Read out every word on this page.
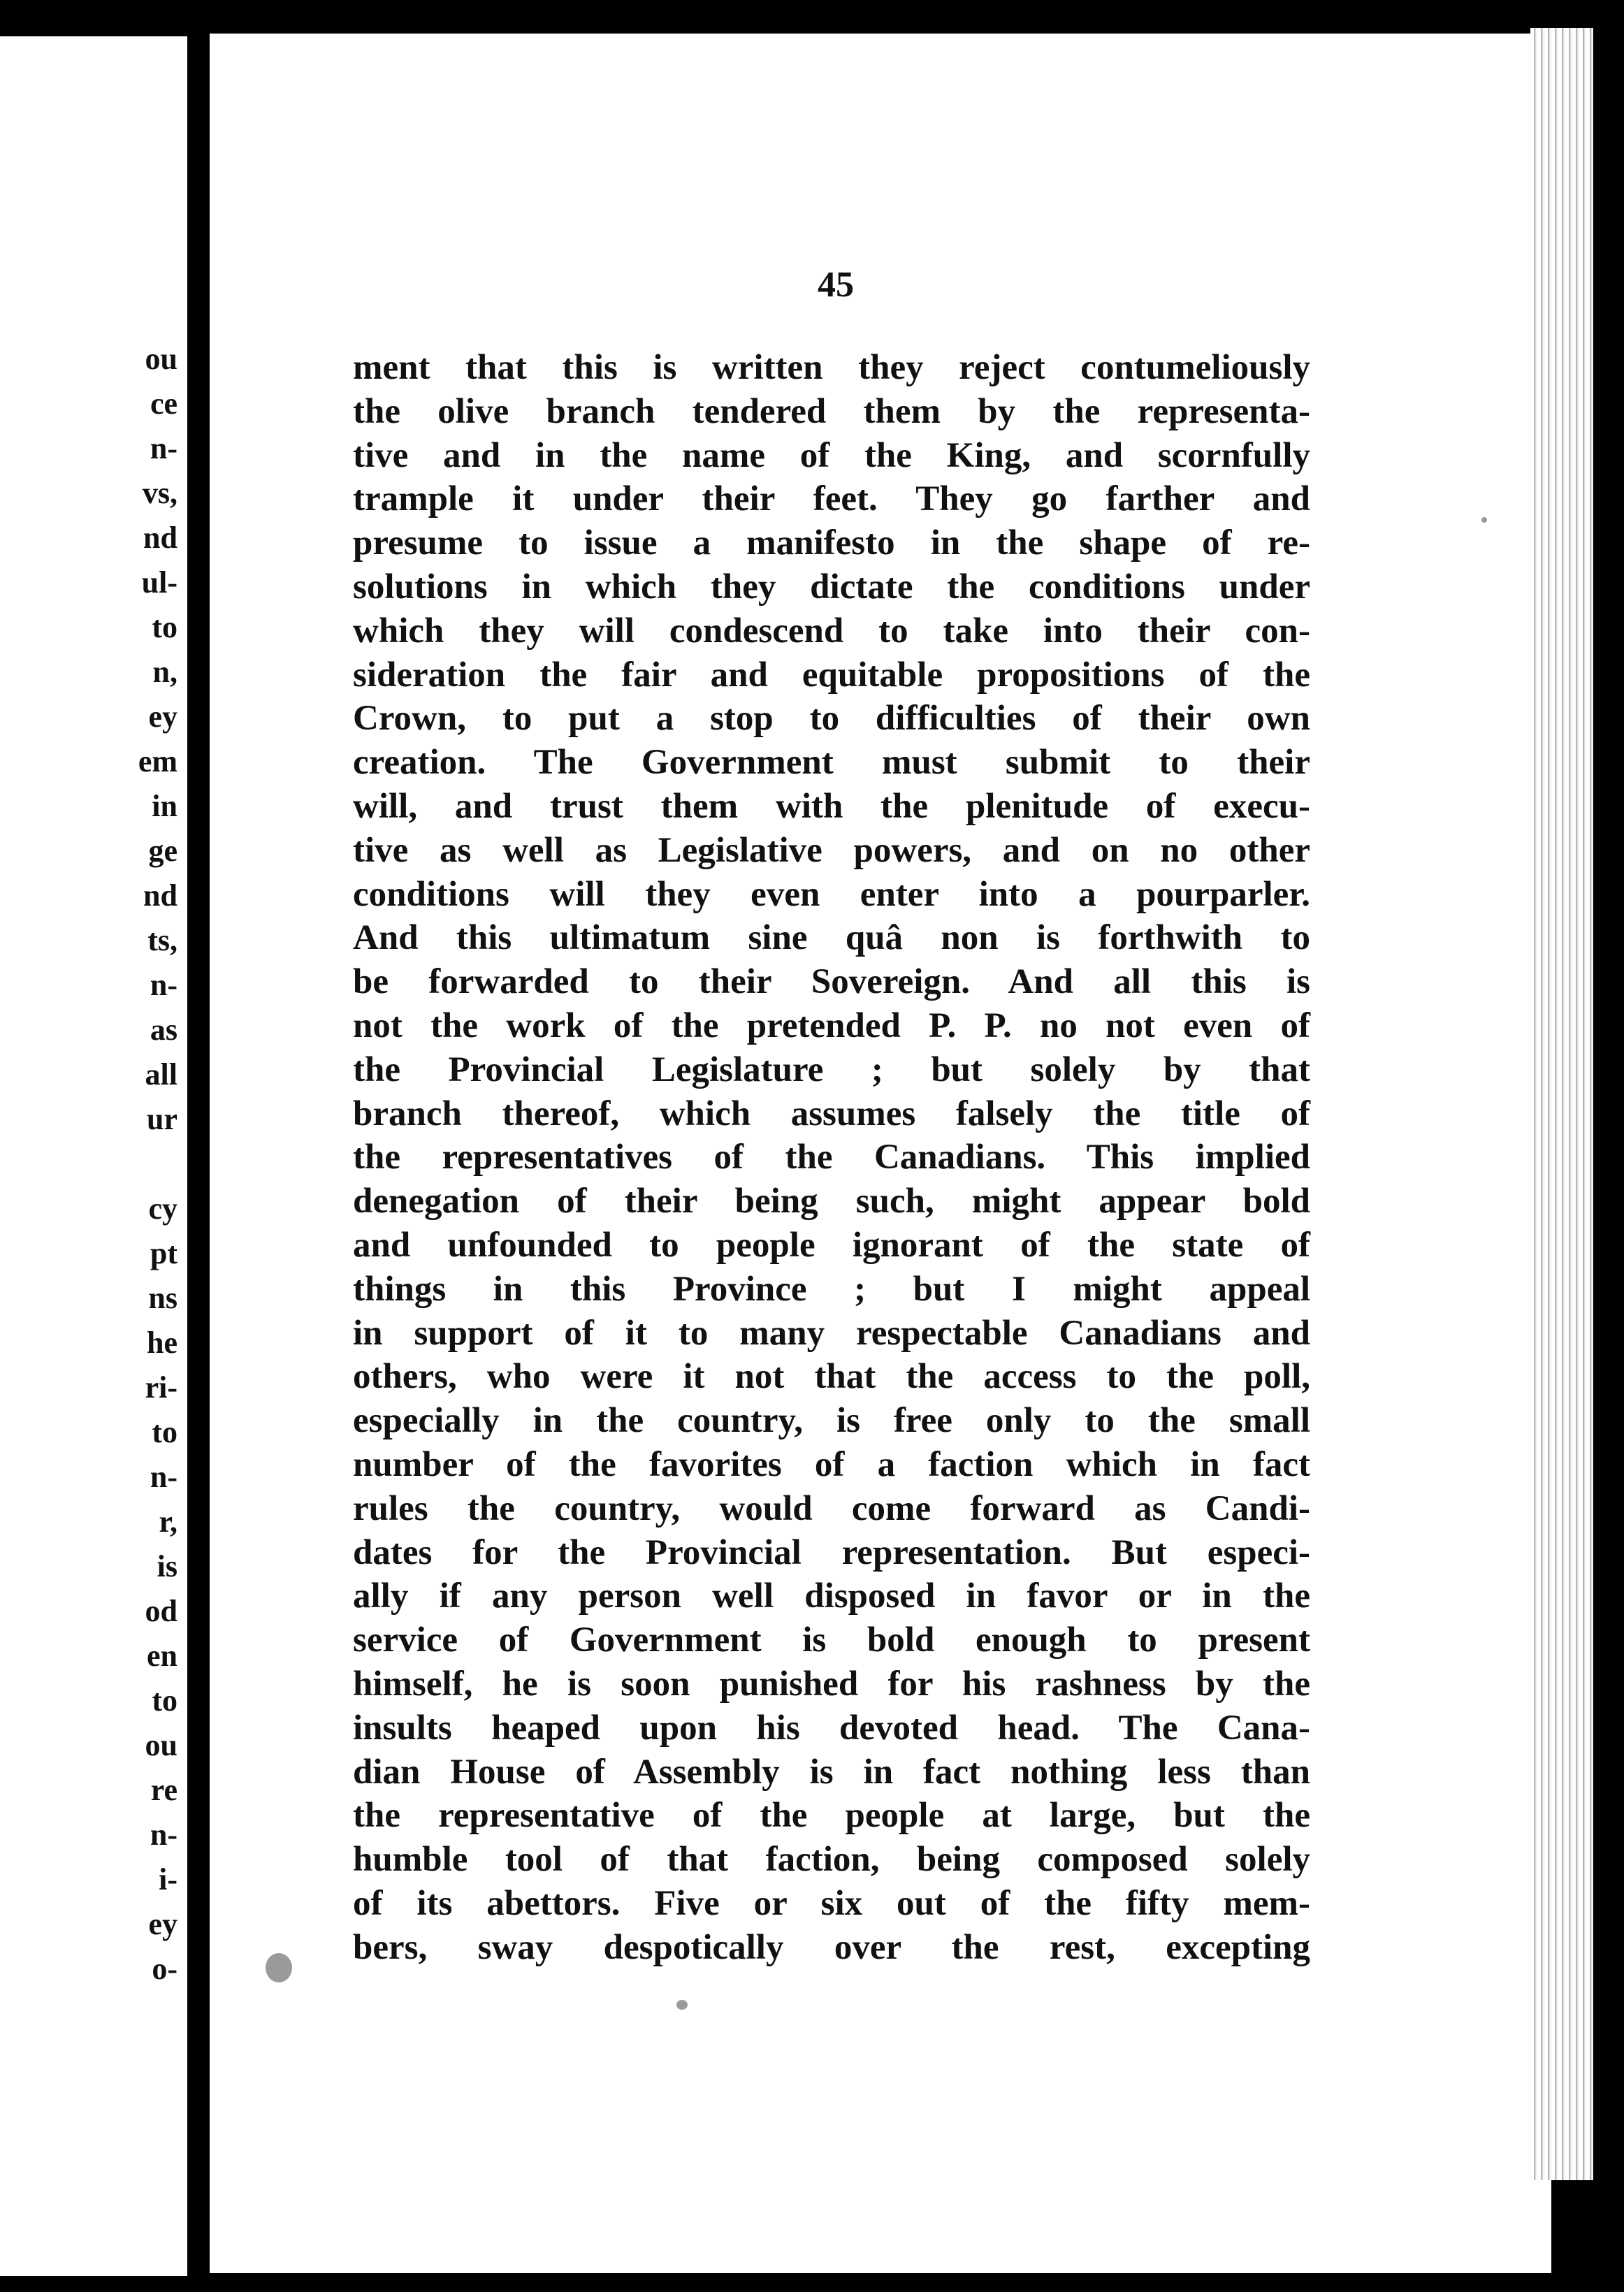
ou
ce
n-
vs,
nd
ul-
to
n,
ey
em
in
ge
nd
ts,
n-
as
all
ur
cy
pt
ns
he
ri-
to
n-
r,
is
od
en
to
ou
re
n-
i-
ey
o-
45
ment that this is written they reject contumeliously
the olive branch tendered them by the representa-
tive and in the name of the King, and scornfully
trample it under their feet. They go farther and
presume to issue a manifesto in the shape of re-
solutions in which they dictate the conditions under
which they will condescend to take into their con-
sideration the fair and equitable propositions of the
Crown, to put a stop to difficulties of their own
creation. The Government must submit to their
will, and trust them with the plenitude of execu-
tive as well as Legislative powers, and on no other
conditions will they even enter into a pourparler.
And this ultimatum sine quâ non is forthwith to
be forwarded to their Sovereign. And all this is
not the work of the pretended P. P. no not even of
the Provincial Legislature ; but solely by that
branch thereof, which assumes falsely the title of
the representatives of the Canadians. This implied
denegation of their being such, might appear bold
and unfounded to people ignorant of the state of
things in this Province ; but I might appeal
in support of it to many respectable Canadians and
others, who were it not that the access to the poll,
especially in the country, is free only to the small
number of the favorites of a faction which in fact
rules the country, would come forward as Candi-
dates for the Provincial representation. But especi-
ally if any person well disposed in favor or in the
service of Government is bold enough to present
himself, he is soon punished for his rashness by the
insults heaped upon his devoted head. The Cana-
dian House of Assembly is in fact nothing less than
the representative of the people at large, but the
humble tool of that faction, being composed solely
of its abettors. Five or six out of the fifty mem-
bers, sway despotically over the rest, excepting
